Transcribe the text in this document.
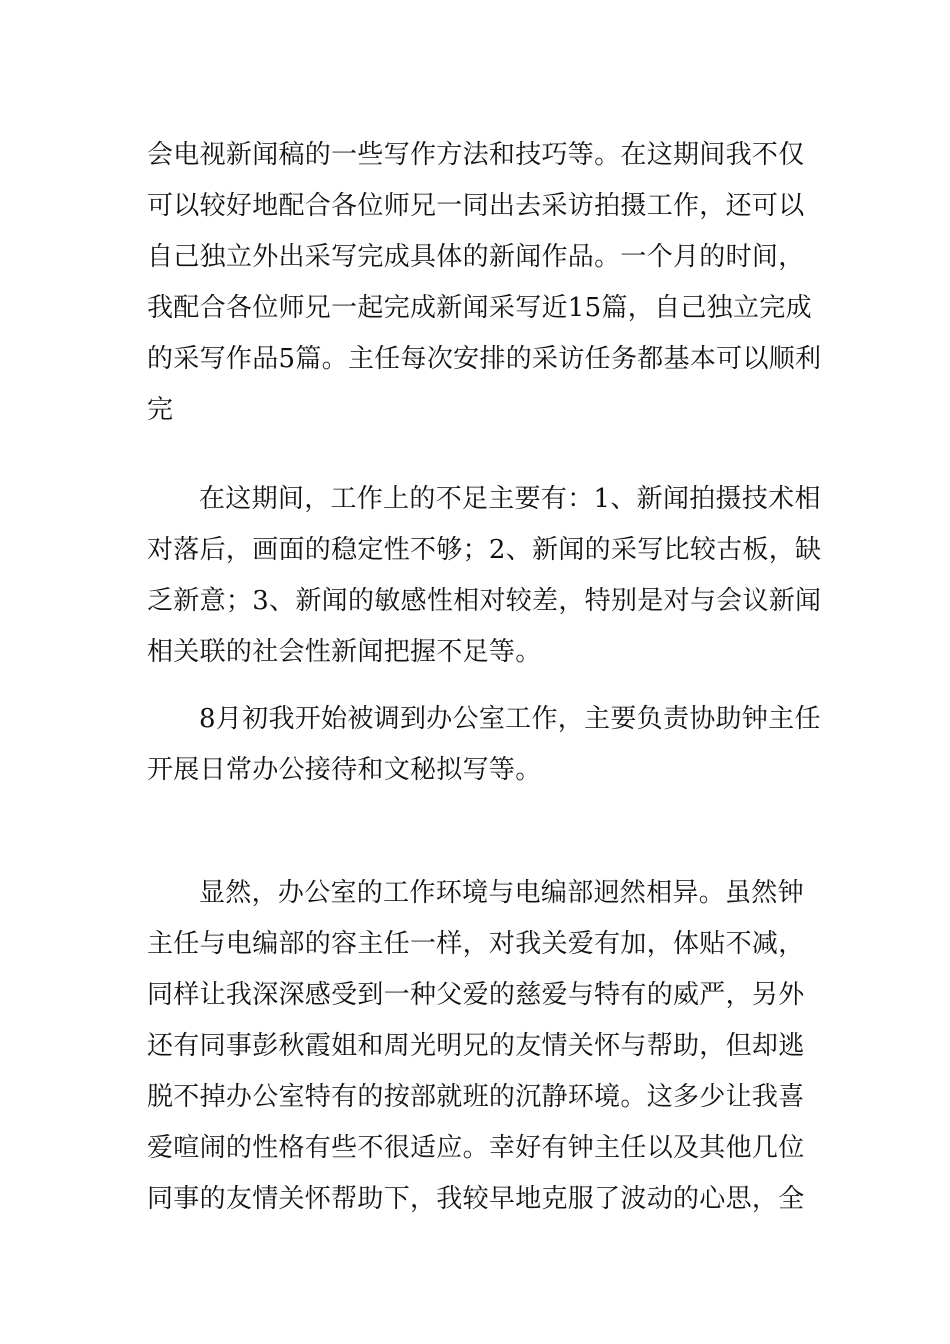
会电视新闻稿的一些写作方法和技巧等。在这期间我不仅
可以较好地配合各位师兄一同出去采访拍摄工作，还可以
自己独立外出采写完成具体的新闻作品。一个月的时间，
我配合各位师兄一起完成新闻采写近15篇，自己独立完成
的采写作品5篇。主任每次安排的采访任务都基本可以顺利
完
在这期间，工作上的不足主要有：1、新闻拍摄技术相
对落后，画面的稳定性不够；2、新闻的采写比较古板，缺
乏新意；3、新闻的敏感性相对较差，特别是对与会议新闻
相关联的社会性新闻把握不足等。
8月初我开始被调到办公室工作，主要负责协助钟主任
开展日常办公接待和文秘拟写等。
显然，办公室的工作环境与电编部迥然相异。虽然钟
主任与电编部的容主任一样，对我关爱有加，体贴不减，
同样让我深深感受到一种父爱的慈爱与特有的威严，另外
还有同事彭秋霞姐和周光明兄的友情关怀与帮助，但却逃
脱不掉办公室特有的按部就班的沉静环境。这多少让我喜
爱喧闹的性格有些不很适应。幸好有钟主任以及其他几位
同事的友情关怀帮助下，我较早地克服了波动的心思，全
